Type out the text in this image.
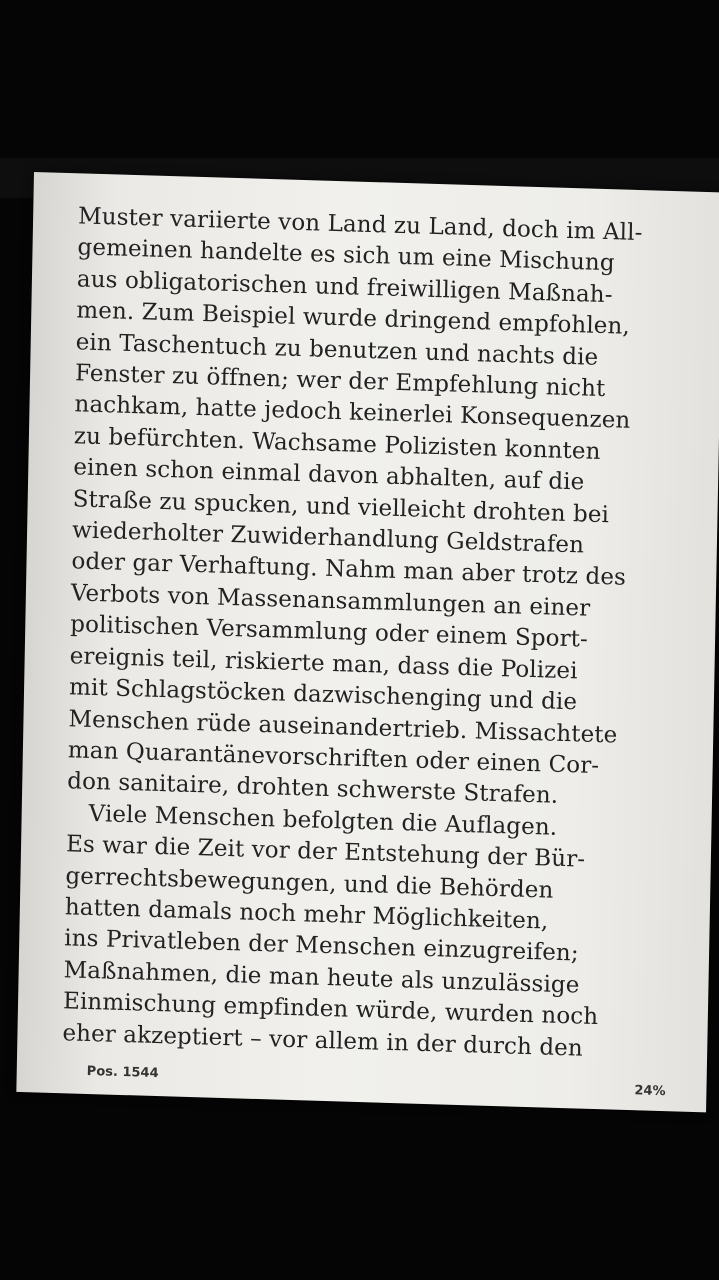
Muster variierte von Land zu Land, doch im All-
gemeinen handelte es sich um eine Mischung
aus obligatorischen und freiwilligen Maßnah-
men. Zum Beispiel wurde dringend empfohlen,
ein Taschentuch zu benutzen und nachts die
Fenster zu öffnen; wer der Empfehlung nicht
nachkam, hatte jedoch keinerlei Konsequenzen
zu befürchten. Wachsame Polizisten konnten
einen schon einmal davon abhalten, auf die
Straße zu spucken, und vielleicht drohten bei
wiederholter Zuwiderhandlung Geldstrafen
oder gar Verhaftung. Nahm man aber trotz des
Verbots von Massenansammlungen an einer
politischen Versammlung oder einem Sport-
ereignis teil, riskierte man, dass die Polizei
mit Schlagstöcken dazwischenging und die
Menschen rüde auseinandertrieb. Missachtete
man Quarantänevorschriften oder einen Cor-
don sanitaire, drohten schwerste Strafen.
Viele Menschen befolgten die Auflagen.
Es war die Zeit vor der Entstehung der Bür-
gerrechtsbewegungen, und die Behörden
hatten damals noch mehr Möglichkeiten,
ins Privatleben der Menschen einzugreifen;
Maßnahmen, die man heute als unzulässige
Einmischung empfinden würde, wurden noch
eher akzeptiert – vor allem in der durch den
Pos. 1544
24%
